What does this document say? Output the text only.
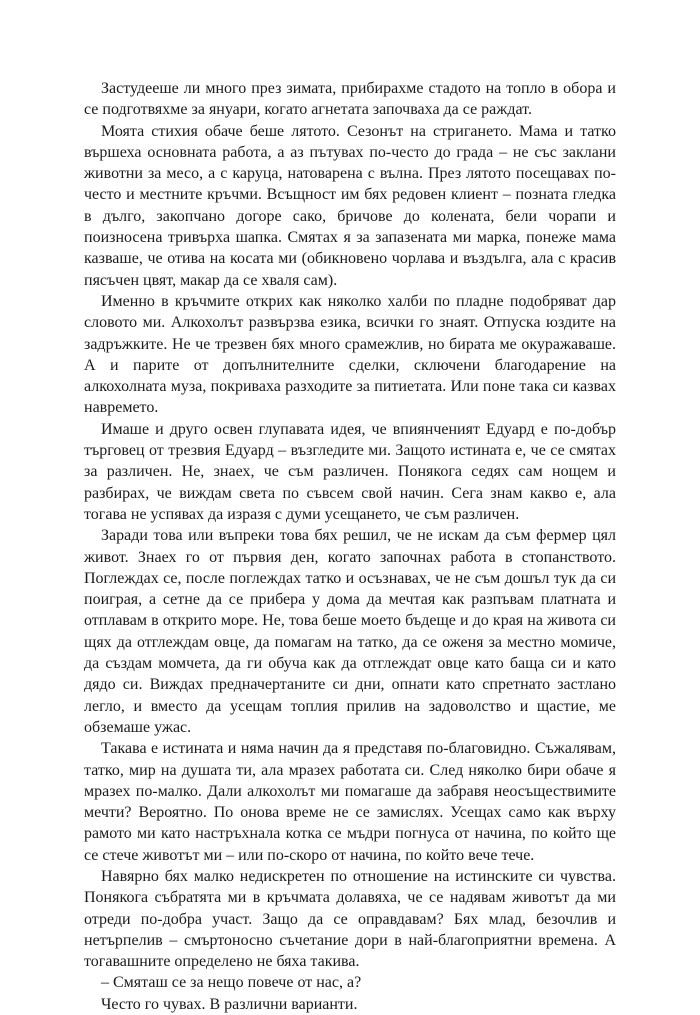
Застудееше ли много през зимата, прибирахме стадото на топло в обора и се подготвяхме за януари, когато агнетата започваха да се раждат.

Моята стихия обаче беше лятото. Сезонът на стригането. Мама и татко вършеха основната работа, а аз пътувах по-често до града – не със заклани животни за месо, а с каруца, натоварена с вълна. През лятото посещавах по-често и местните кръчми. Всъщност им бях редовен клиент – позната гледка в дълго, закопчано догоре сако, бричове до колената, бели чорапи и поизносена тривърха шапка. Смятах я за запазената ми марка, понеже мама казваше, че отива на косата ми (обикновено чорлава и въздълга, ала с красив пясъчен цвят, макар да се хваля сам).

Именно в кръчмите открих как няколко халби по пладне подобряват дар словото ми. Алкохолът развързва езика, всички го знаят. Отпуска юздите на задръжките. Не че трезвен бях много срамежлив, но бирата ме окуражаваше. А и парите от допълнителните сделки, сключени благодарение на алкохолната муза, покриваха разходите за питиетата. Или поне така си казвах навремето.

Имаше и друго освен глупавата идея, че впиянченият Едуард е по-добър търговец от трезвия Едуард – възгледите ми. Защото истината е, че се смятах за различен. Не, знаех, че съм различен. Понякога седях сам нощем и разбирах, че виждам света по съвсем свой начин. Сега знам какво е, ала тогава не успявах да изразя с думи усещането, че съм различен.

Заради това или въпреки това бях решил, че не искам да съм фермер цял живот. Знаех го от първия ден, когато започнах работа в стопанството. Поглеждах се, после поглеждах татко и осъзнавах, че не съм дошъл тук да си поиграя, а сетне да се прибера у дома да мечтая как разпъвам платната и отплавам в открито море. Не, това беше моето бъдеще и до края на живота си щях да отглеждам овце, да помагам на татко, да се оженя за местно момиче, да създам момчета, да ги обуча как да отглеждат овце като баща си и като дядо си. Виждах предначертаните си дни, опнати като спретнато застлано легло, и вместо да усещам топлия прилив на задоволство и щастие, ме обземаше ужас.

Такава е истината и няма начин да я представя по-благовидно. Съжалявам, татко, мир на душата ти, ала мразех работата си. След няколко бири обаче я мразех по-малко. Дали алкохолът ми помагаше да забравя неосъществимите мечти? Вероятно. По онова време не се замислях. Усещах само как върху рамото ми като настръхнала котка се мъдри погнуса от начина, по който ще се стече животът ми – или по-скоро от начина, по който вече тече.

Навярно бях малко недискретен по отношение на истинските си чувства. Понякога събратята ми в кръчмата долавяха, че се надявам животът да ми отреди по-добра участ. Защо да се оправдавам? Бях млад, безочлив и нетърпелив – смъртоносно съчетание дори в най-благоприятни времена. А тогавашните определено не бяха такива.

– Смяташ се за нещо повече от нас, а?

Често го чувах. В различни варианти.
